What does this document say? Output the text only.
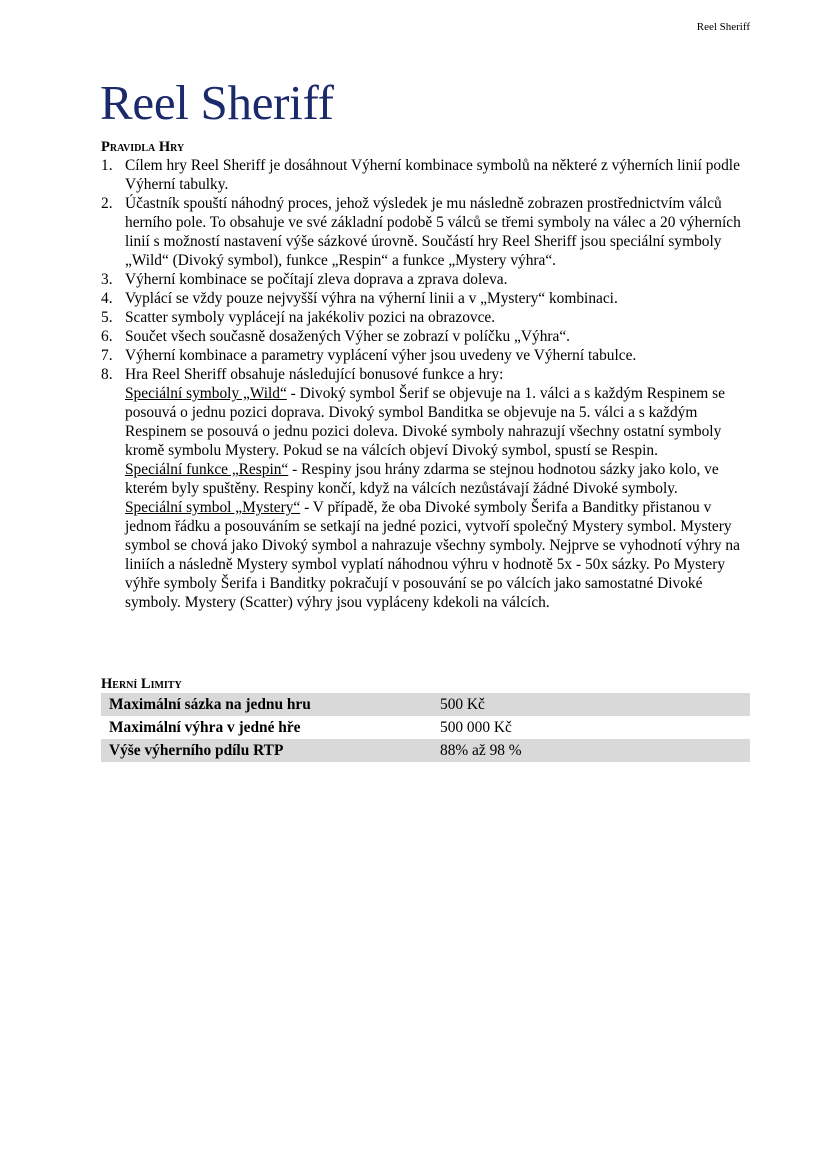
Reel Sheriff
Reel Sheriff
Pravidla Hry
1. Cílem hry Reel Sheriff je dosáhnout Výherní kombinace symbolů na některé z výherních linií podle Výherní tabulky.
2. Účastník spouští náhodný proces, jehož výsledek je mu následně zobrazen prostřednictvím válců herního pole. To obsahuje ve své základní podobě 5 válců se třemi symboly na válec a 20 výherních linií s možností nastavení výše sázkové úrovně. Součástí hry Reel Sheriff jsou speciální symboly „Wild“ (Divoký symbol), funkce „Respin“ a funkce „Mystery výhra“.
3. Výherní kombinace se počítají zleva doprava a zprava doleva.
4. Vyplácí se vždy pouze nejvyšší výhra na výherní linii a v „Mystery“ kombinaci.
5. Scatter symboly vyplácejí na jakékoliv pozici na obrazovce.
6. Součet všech současně dosažených Výher se zobrazí v políčku „Výhra“.
7. Výherní kombinace a parametry vyplácení výher jsou uvedeny ve Výherní tabulce.
8. Hra Reel Sheriff obsahuje následující bonusové funkce a hry:
Speciální symboly „Wild“ - Divoký symbol Šerif se objevuje na 1. válci a s každým Respinem se posouvá o jednu pozici doprava. Divoký symbol Banditka se objevuje na 5. válci a s každým Respinem se posouvá o jednu pozici doleva. Divoké symboly nahrazují všechny ostatní symboly kromě symbolu Mystery. Pokud se na válcích objeví Divoký symbol, spustí se Respin.
Speciální funkce „Respin“ - Respiny jsou hrány zdarma se stejnou hodnotou sázky jako kolo, ve kterém byly spuštěny. Respiny končí, když na válcích nezůstávají žádné Divoké symboly.
Speciální symbol „Mystery“ - V případě, že oba Divoké symboly Šerifa a Banditky přistanou v jednom řádku a posouváním se setkají na jedné pozici, vytvoří společný Mystery symbol. Mystery symbol se chová jako Divoký symbol a nahrazuje všechny symboly. Nejprve se vyhodnotí výhry na liniích a následně Mystery symbol vyplatí náhodnou výhru v hodnotě 5x - 50x sázky. Po Mystery výhře symboly Šerifa i Banditky pokračují v posouvání se po válcích jako samostatné Divoké symboly. Mystery (Scatter) výhry jsou vypláceny kdekoli na válcích.
Herní Limity
Maximální sázka na jednu hru	500 Kč
Maximální výhra v jedné hře	500 000 Kč
Výše výherního pdílu RTP	88% až 98 %
